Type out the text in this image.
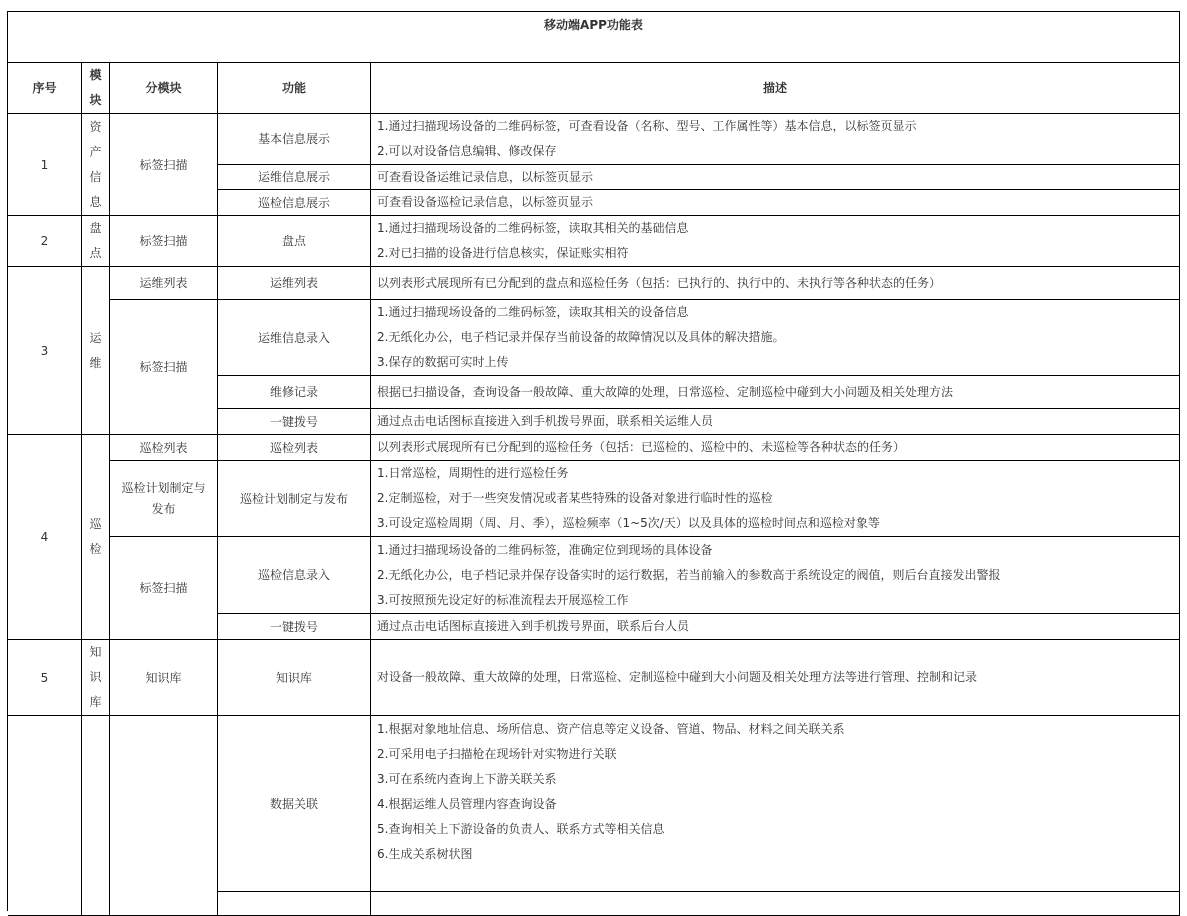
移动端APP功能表
序号
模块
分模块	功能	描述
1
2
3
4
5
资产信息
盘点
运维
巡检
知识库
标签扫描
标签扫描
运维列表
标签扫描
巡检列表
巡检计划制定与发布
标签扫描
知识库
基本信息展示
运维信息展示
巡检信息展示
盘点
运维列表
运维信息录入
维修记录
一键拨号
巡检列表
巡检计划制定与发布
巡检信息录入
一键拨号
知识库
数据关联
1.通过扫描现场设备的二维码标签，可查看设备（名称、型号、工作属性等）基本信息，以标签页显示
2.可以对设备信息编辑、修改保存
可查看设备运维记录信息，以标签页显示
可查看设备巡检记录信息，以标签页显示
1.通过扫描现场设备的二维码标签，读取其相关的基础信息
2.对已扫描的设备进行信息核实，保证账实相符
以列表形式展现所有已分配到的盘点和巡检任务（包括：已执行的、执行中的、未执行等各种状态的任务）
1.通过扫描现场设备的二维码标签，读取其相关的设备信息
2.无纸化办公，电子档记录并保存当前设备的故障情况以及具体的解决措施。
3.保存的数据可实时上传
根据已扫描设备，查询设备一般故障、重大故障的处理，日常巡检、定制巡检中碰到大小问题及相关处理方法
通过点击电话图标直接进入到手机拨号界面，联系相关运维人员
以列表形式展现所有已分配到的巡检任务（包括：已巡检的、巡检中的、未巡检等各种状态的任务）
1.日常巡检，周期性的进行巡检任务
2.定制巡检，对于一些突发情况或者某些特殊的设备对象进行临时性的巡检
3.可设定巡检周期（周、月、季），巡检频率（1~5次/天）以及具体的巡检时间点和巡检对象等
1.通过扫描现场设备的二维码标签，准确定位到现场的具体设备
2.无纸化办公，电子档记录并保存设备实时的运行数据，若当前输入的参数高于系统设定的阀值，则后台直接发出警报
3.可按照预先设定好的标准流程去开展巡检工作
通过点击电话图标直接进入到手机拨号界面，联系后台人员
对设备一般故障、重大故障的处理，日常巡检、定制巡检中碰到大小问题及相关处理方法等进行管理、控制和记录
1.根据对象地址信息、场所信息、资产信息等定义设备、管道、物品、材料之间关联关系
2.可采用电子扫描枪在现场针对实物进行关联
3.可在系统内查询上下游关联关系
4.根据运维人员管理内容查询设备
5.查询相关上下游设备的负责人、联系方式等相关信息
6.生成关系树状图
